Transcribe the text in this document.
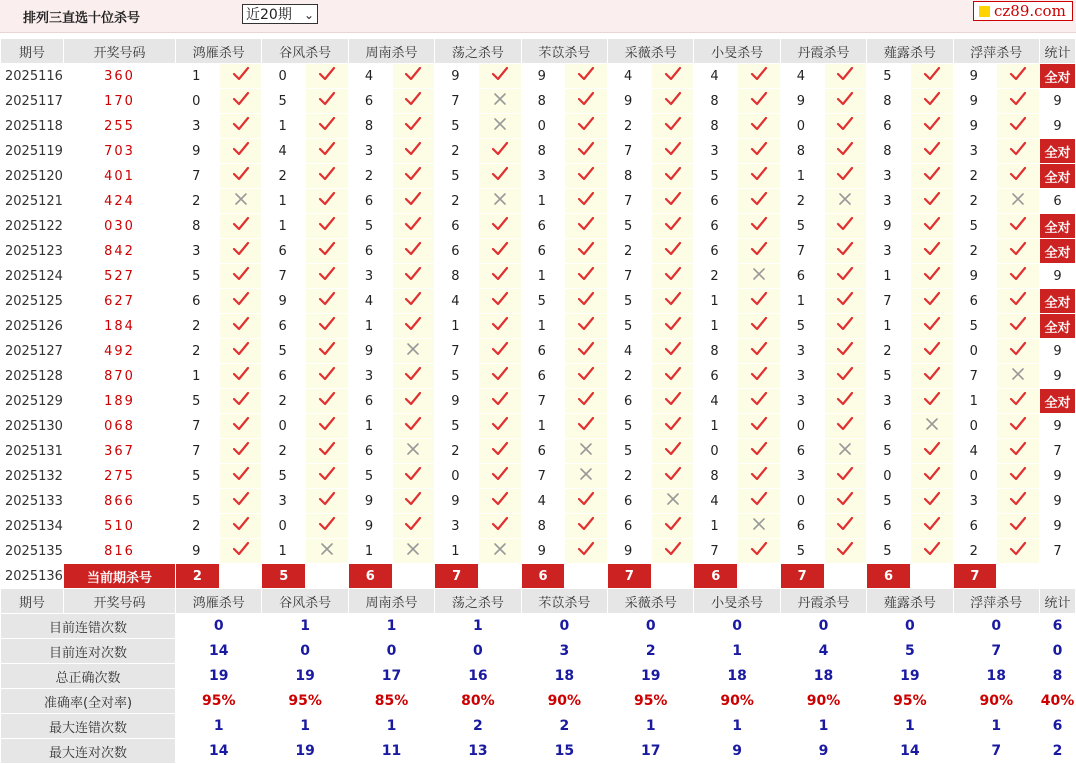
排列三直选十位杀号	近20期 ⌄	cz89.com
期号	开奖号码	鸿雁杀号		谷风杀号		周南杀号		荡之杀号		芣苡杀号		采薇杀号		小旻杀号		丹霞杀号		薤露杀号		浮萍杀号		统计
2025116	360	1		0		4		9		9		4		4		4		5		9		全对
2025117	170	0		5		6		7		8		9		8		9		8		9		9
2025118	255	3		1		8		5		0		2		8		0		6		9		9
2025119	703	9		4		3		2		8		7		3		8		8		3		全对
2025120	401	7		2		2		5		3		8		5		1		3		2		全对
2025121	424	2		1		6		2		1		7		6		2		3		2		6
2025122	030	8		1		5		6		6		5		6		5		9		5		全对
2025123	842	3		6		6		6		6		2		6		7		3		2		全对
2025124	527	5		7		3		8		1		7		2		6		1		9		9
2025125	627	6		9		4		4		5		5		1		1		7		6		全对
2025126	184	2		6		1		1		1		5		1		5		1		5		全对
2025127	492	2		5		9		7		6		4		8		3		2		0		9
2025128	870	1		6		3		5		6		2		6		3		5		7		9
2025129	189	5		2		6		9		7		6		4		3		3		1		全对
2025130	068	7		0		1		5		1		5		1		0		6		0		9
2025131	367	7		2		6		2		6		5		0		6		5		4		7
2025132	275	5		5		5		0		7		2		8		3		0		0		9
2025133	866	5		3		9		9		4		6		4		0		5		3		9
2025134	510	2		0		9		3		8		6		1		6		6		6		9
2025135	816	9		1		1		1		9		9		7		5		5		2		7
2025136	当前期杀号	2		5		6		7		6		7		6		7		6		7		
期号	开奖号码	鸿雁杀号		谷风杀号		周南杀号		荡之杀号		芣苡杀号		采薇杀号		小旻杀号		丹霞杀号		薤露杀号		浮萍杀号		统计
目前连错次数		0		1		1		1		0		0		0		0		0		0		6
目前连对次数		14		0		0		0		3		2		1		4		5		7		0
总正确次数		19		19		17		16		18		19		18		18		19		18		8
准确率(全对率)		95%		95%		85%		80%		90%		95%		90%		90%		95%		90%		40%
最大连错次数		1		1		1		2		2		1		1		1		1		1		6
最大连对次数		14		19		11		13		15		17		9		9		14		7		2
